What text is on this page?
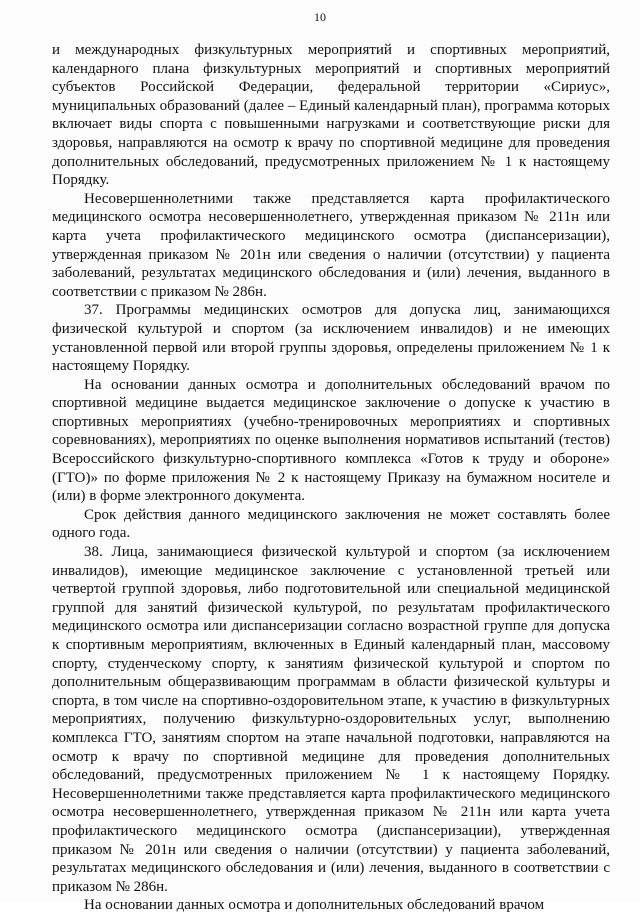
10

и международных физкультурных мероприятий и спортивных мероприятий, календарного плана физкультурных мероприятий и спортивных мероприятий субъектов Российской Федерации, федеральной территории «Сириус», муниципальных образований (далее – Единый календарный план), программа которых включает виды спорта с повышенными нагрузками и соответствующие риски для здоровья, направляются на осмотр к врачу по спортивной медицине для проведения дополнительных обследований, предусмотренных приложением № 1 к настоящему Порядку.

Несовершеннолетними также представляется карта профилактического медицинского осмотра несовершеннолетнего, утвержденная приказом № 211н или карта учета профилактического медицинского осмотра (диспансеризации), утвержденная приказом № 201н или сведения о наличии (отсутствии) у пациента заболеваний, результатах медицинского обследования и (или) лечения, выданного в соответствии с приказом № 286н.

37. Программы медицинских осмотров для допуска лиц, занимающихся физической культурой и спортом (за исключением инвалидов) и не имеющих установленной первой или второй группы здоровья, определены приложением № 1 к настоящему Порядку.

На основании данных осмотра и дополнительных обследований врачом по спортивной медицине выдается медицинское заключение о допуске к участию в спортивных мероприятиях (учебно-тренировочных мероприятиях и спортивных соревнованиях), мероприятиях по оценке выполнения нормативов испытаний (тестов) Всероссийского физкультурно-спортивного комплекса «Готов к труду и обороне» (ГТО)» по форме приложения № 2 к настоящему Приказу на бумажном носителе и (или) в форме электронного документа.

Срок действия данного медицинского заключения не может составлять более одного года.

38. Лица, занимающиеся физической культурой и спортом (за исключением инвалидов), имеющие медицинское заключение с установленной третьей или четвертой группой здоровья, либо подготовительной или специальной медицинской группой для занятий физической культурой, по результатам профилактического медицинского осмотра или диспансеризации согласно возрастной группе для допуска к спортивным мероприятиям, включенных в Единый календарный план, массовому спорту, студенческому спорту, к занятиям физической культурой и спортом по дополнительным общеразвивающим программам в области физической культуры и спорта, в том числе на спортивно-оздоровительном этапе, к участию в физкультурных мероприятиях, получению физкультурно-оздоровительных услуг, выполнению комплекса ГТО, занятиям спортом на этапе начальной подготовки, направляются на осмотр к врачу по спортивной медицине для проведения дополнительных обследований, предусмотренных приложением № 1 к настоящему Порядку. Несовершеннолетними также представляется карта профилактического медицинского осмотра несовершеннолетнего, утвержденная приказом № 211н или карта учета профилактического медицинского осмотра (диспансеризации), утвержденная приказом № 201н или сведения о наличии (отсутствии) у пациента заболеваний, результатах медицинского обследования и (или) лечения, выданного в соответствии с приказом № 286н.

На основании данных осмотра и дополнительных обследований врачом
